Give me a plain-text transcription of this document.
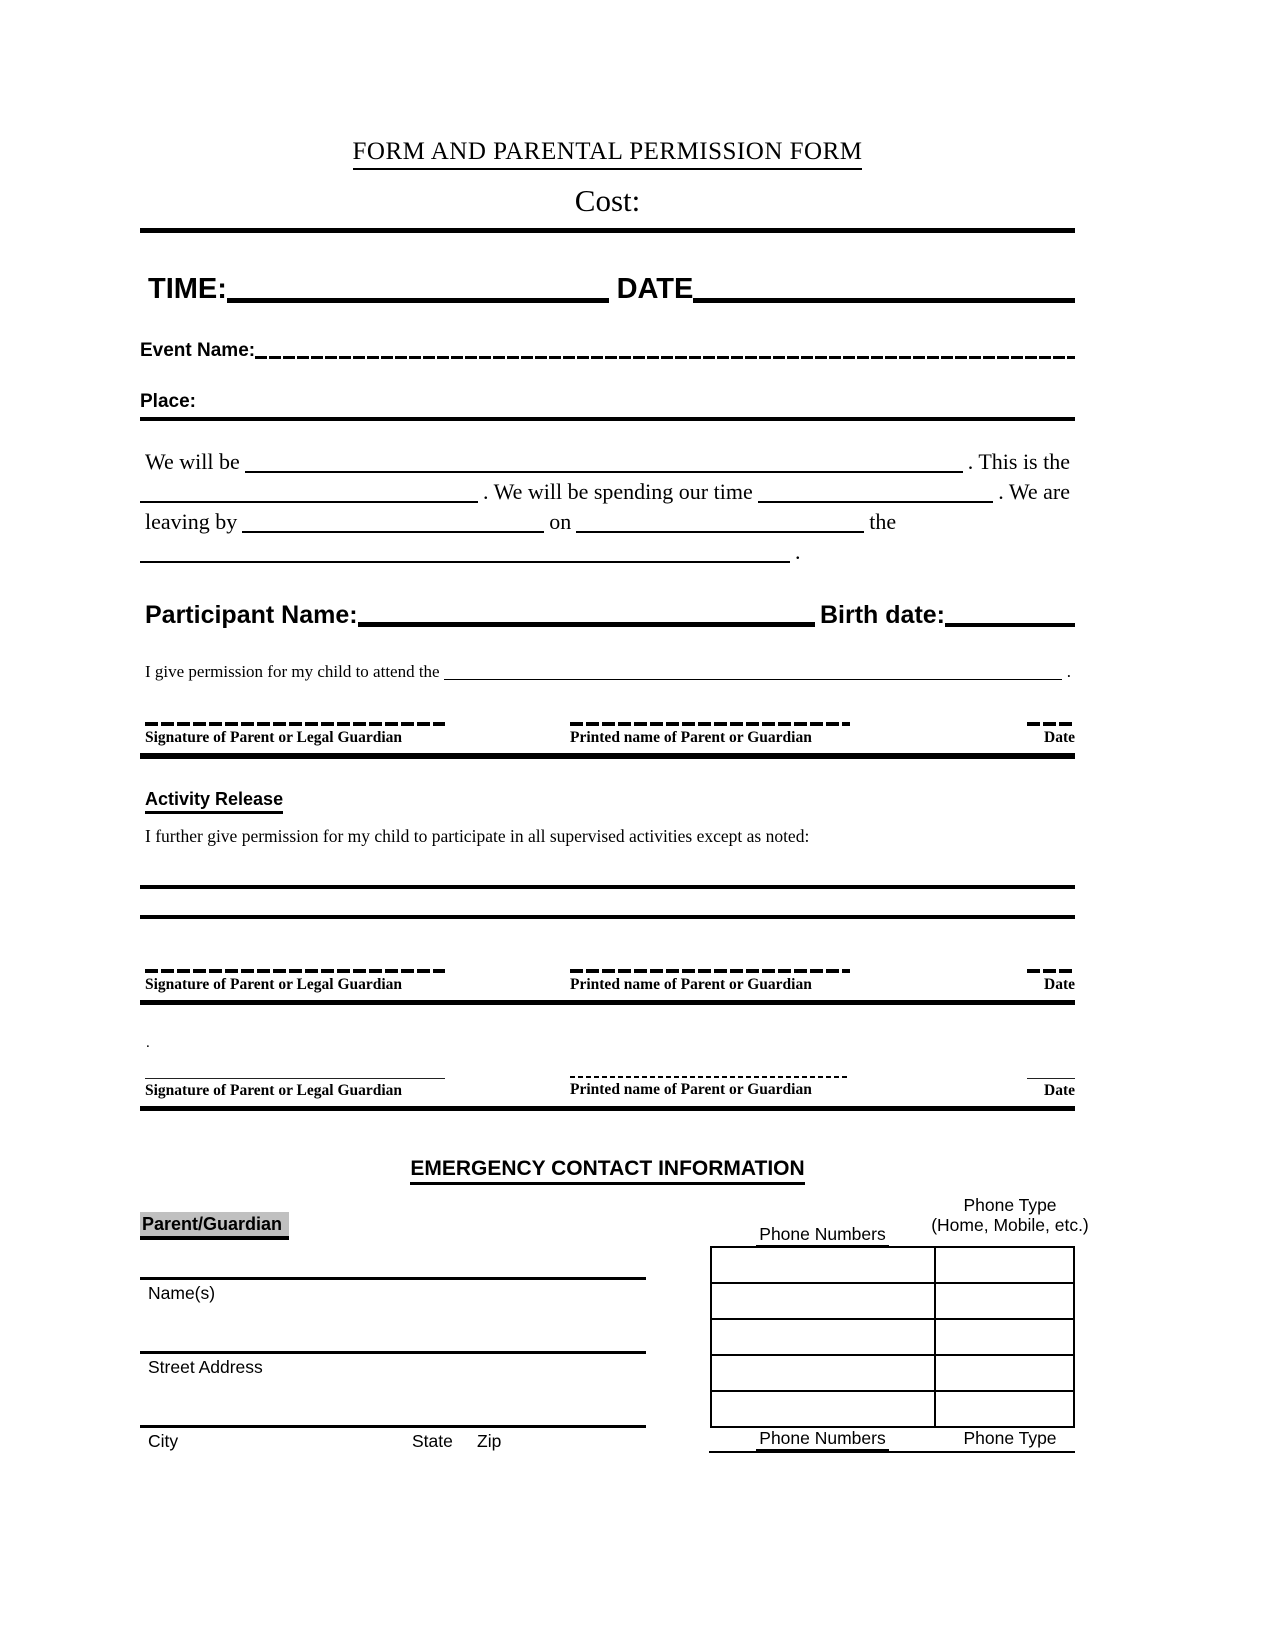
FORM AND PARENTAL PERMISSION FORM
Cost:
TIME:	DATE
Event Name:
Place:
We will be	. This is the
. We will be spending our time	. We are
leaving by	on	the
.
Participant Name:	Birth date:
I give permission for my child to attend the	.
Signature of Parent or Legal Guardian	Printed name of Parent or Guardian	Date
Activity Release
I further give permission for my child to participate in all supervised activities except as noted:
Signature of Parent or Legal Guardian	Printed name of Parent or Guardian	Date
.
Signature of Parent or Legal Guardian	Printed name of Parent or Guardian	Date
EMERGENCY CONTACT INFORMATION
Parent/Guardian
Phone Type
(Home, Mobile, etc.)
Phone Numbers
Name(s)
Street Address
City	State Zip	Phone Numbers	Phone Type
